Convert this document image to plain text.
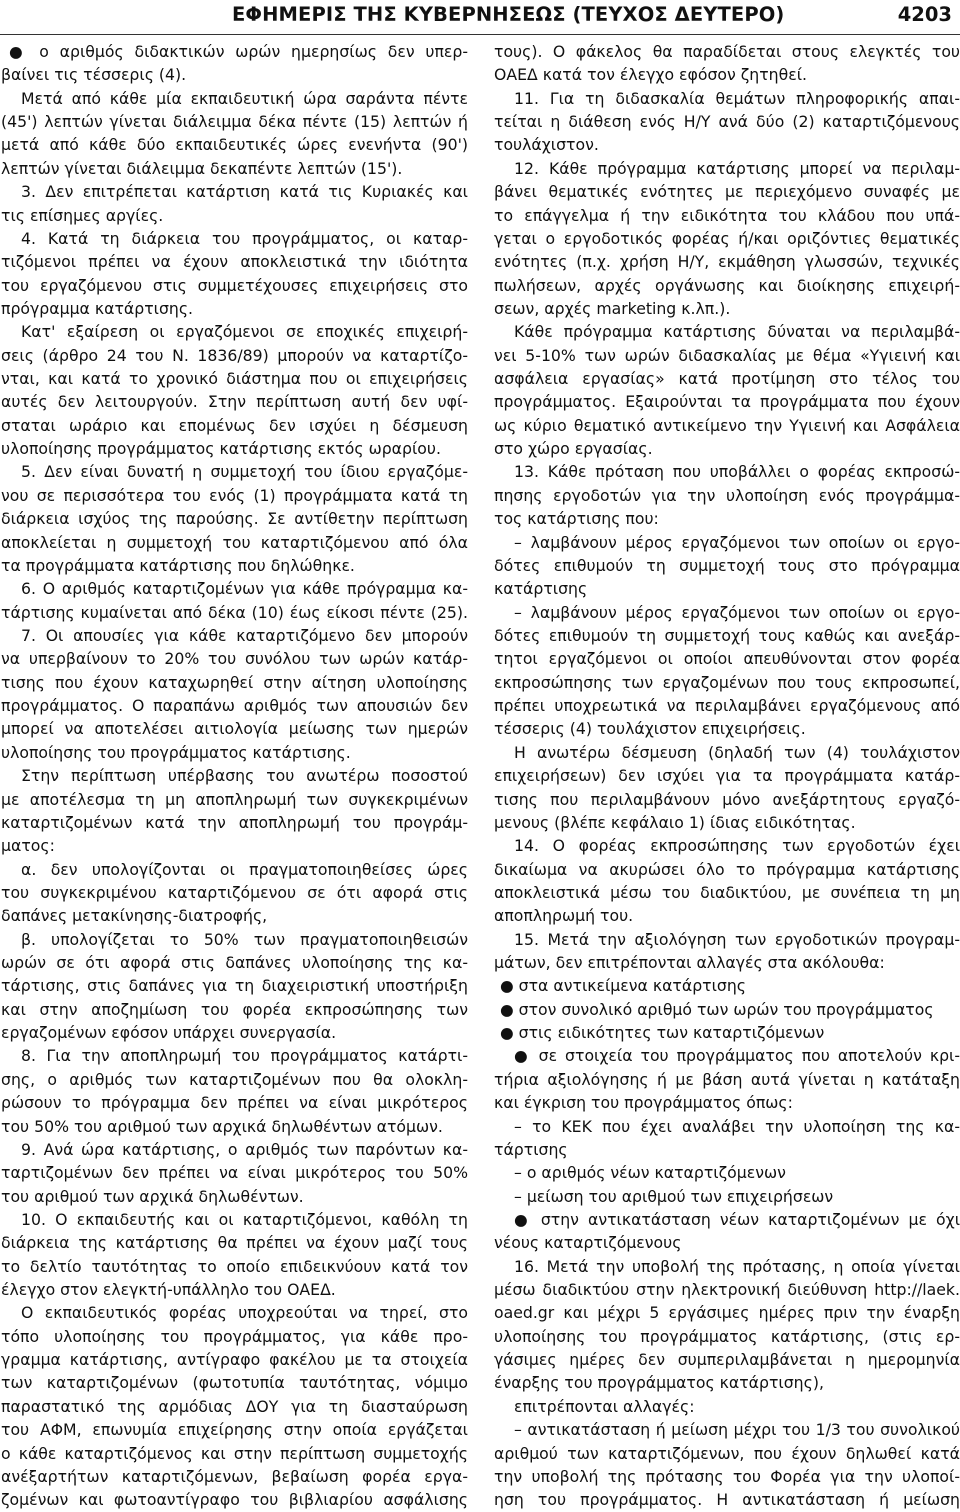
ΕΦΗΜΕΡΙΣ ΤΗΣ ΚΥΒΕΡΝΗΣΕΩΣ (ΤΕΥΧΟΣ ΔΕΥΤΕΡΟ)	4203
● ο αριθμός διδακτικών ωρών ημερησίως δεν υπερ-
βαίνει τις τέσσερις (4).
Μετά από κάθε μία εκπαιδευτική ώρα σαράντα πέντε
(45') λεπτών γίνεται διάλειμμα δέκα πέντε (15) λεπτών ή
μετά από κάθε δύο εκπαιδευτικές ώρες ενενήντα (90')
λεπτών γίνεται διάλειμμα δεκαπέντε λεπτών (15').
3. Δεν επιτρέπεται κατάρτιση κατά τις Κυριακές και
τις επίσημες αργίες.
4. Κατά τη διάρκεια του προγράμματος, οι καταρ-
τιζόμενοι πρέπει να έχουν αποκλειστικά την ιδιότητα
του εργαζόμενου στις συμμετέχουσες επιχειρήσεις στο
πρόγραμμα κατάρτισης.
Κατ' εξαίρεση οι εργαζόμενοι σε εποχικές επιχειρή-
σεις (άρθρο 24 του Ν. 1836/89) μπορούν να καταρτίζο-
νται, και κατά το χρονικό διάστημα που οι επιχειρήσεις
αυτές δεν λειτουργούν. Στην περίπτωση αυτή δεν υφί-
σταται ωράριο και επομένως δεν ισχύει η δέσμευση
υλοποίησης προγράμματος κατάρτισης εκτός ωραρίου.
5. Δεν είναι δυνατή η συμμετοχή του ίδιου εργαζόμε-
νου σε περισσότερα του ενός (1) προγράμματα κατά τη
διάρκεια ισχύος της παρούσης. Σε αντίθετην περίπτωση
αποκλείεται η συμμετοχή του καταρτιζόμενου από όλα
τα προγράμματα κατάρτισης που δηλώθηκε.
6. Ο αριθμός καταρτιζομένων για κάθε πρόγραμμα κα-
τάρτισης κυμαίνεται από δέκα (10) έως είκοσι πέντε (25).
7. Οι απουσίες για κάθε καταρτιζόμενο δεν μπορούν
να υπερβαίνουν το 20% του συνόλου των ωρών κατάρ-
τισης που έχουν καταχωρηθεί στην αίτηση υλοποίησης
προγράμματος. Ο παραπάνω αριθμός των απουσιών δεν
μπορεί να αποτελέσει αιτιολογία μείωσης των ημερών
υλοποίησης του προγράμματος κατάρτισης.
Στην περίπτωση υπέρβασης του ανωτέρω ποσοστού
με αποτέλεσμα τη μη αποπληρωμή των συγκεκριμένων
καταρτιζομένων κατά την αποπληρωμή του προγράμ-
ματος:
α. δεν υπολογίζονται οι πραγματοποιηθείσες ώρες
του συγκεκριμένου καταρτιζόμενου σε ότι αφορά στις
δαπάνες μετακίνησης-διατροφής,
β. υπολογίζεται το 50% των πραγματοποιηθεισών
ωρών σε ότι αφορά στις δαπάνες υλοποίησης της κα-
τάρτισης, στις δαπάνες για τη διαχειριστική υποστήριξη
και στην αποζημίωση του φορέα εκπροσώπησης των
εργαζομένων εφόσον υπάρχει συνεργασία.
8. Για την αποπληρωμή του προγράμματος κατάρτι-
σης, ο αριθμός των καταρτιζομένων που θα ολοκλη-
ρώσουν το πρόγραμμα δεν πρέπει να είναι μικρότερος
του 50% του αριθμού των αρχικά δηλωθέντων ατόμων.
9. Ανά ώρα κατάρτισης, ο αριθμός των παρόντων κα-
ταρτιζομένων δεν πρέπει να είναι μικρότερος του 50%
του αριθμού των αρχικά δηλωθέντων.
10. Ο εκπαιδευτής και οι καταρτιζόμενοι, καθόλη τη
διάρκεια της κατάρτισης θα πρέπει να έχουν μαζί τους
το δελτίο ταυτότητας το οποίο επιδεικνύουν κατά τον
έλεγχο στον ελεγκτή-υπάλληλο του ΟΑΕΔ.
Ο εκπαιδευτικός φορέας υποχρεούται να τηρεί, στο
τόπο υλοποίησης του προγράμματος, για κάθε προ-
γραμμα κατάρτισης, αντίγραφο φακέλου με τα στοιχεία
των καταρτιζομένων (φωτοτυπία ταυτότητας, νόμιμο
παραστατικό της αρμόδιας ΔΟΥ για τη διασταύρωση
του ΑΦΜ, επωνυμία επιχείρησης στην οποία εργάζεται
ο κάθε καταρτιζόμενος και στην περίπτωση συμμετοχής
ανέξαρτήτων καταρτιζόμενων, βεβαίωση φορέα εργα-
ζομένων και φωτοαντίγραφο του βιβλιαρίου ασφάλισης
τους). Ο φάκελος θα παραδίδεται στους ελεγκτές του
ΟΑΕΔ κατά τον έλεγχο εφόσον ζητηθεί.
11. Για τη διδασκαλία θεμάτων πληροφορικής απαι-
τείται η διάθεση ενός Η/Υ ανά δύο (2) καταρτιζόμενους
τουλάχιστον.
12. Κάθε πρόγραμμα κατάρτισης μπορεί να περιλαμ-
βάνει θεματικές ενότητες με περιεχόμενο συναφές με
το επάγγελμα ή την ειδικότητα του κλάδου που υπά-
γεται ο εργοδοτικός φορέας ή/και οριζόντιες θεματικές
ενότητες (π.χ. χρήση Η/Υ, εκμάθηση γλωσσών, τεχνικές
πωλήσεων, αρχές οργάνωσης και διοίκησης επιχειρή-
σεων, αρχές marketing κ.λπ.).
Κάθε πρόγραμμα κατάρτισης δύναται να περιλαμβά-
νει 5-10% των ωρών διδασκαλίας με θέμα «Υγιεινή και
ασφάλεια εργασίας» κατά προτίμηση στο τέλος του
προγράμματος. Εξαιρούνται τα προγράμματα που έχουν
ως κύριο θεματικό αντικείμενο την Υγιεινή και Ασφάλεια
στο χώρο εργασίας.
13. Κάθε πρόταση που υποβάλλει ο φορέας εκπροσώ-
πησης εργοδοτών για την υλοποίηση ενός προγράμμα-
τος κατάρτισης που:
– λαμβάνουν μέρος εργαζόμενοι των οποίων οι εργο-
δότες επιθυμούν τη συμμετοχή τους στο πρόγραμμα
κατάρτισης
– λαμβάνουν μέρος εργαζόμενοι των οποίων οι εργο-
δότες επιθυμούν τη συμμετοχή τους καθώς και ανεξάρ-
τητοι εργαζόμενοι οι οποίοι απευθύνονται στον φορέα
εκπροσώπησης των εργαζομένων που τους εκπροσωπεί,
πρέπει υποχρεωτικά να περιλαμβάνει εργαζόμενους από
τέσσερις (4) τουλάχιστον επιχειρήσεις.
Η ανωτέρω δέσμευση (δηλαδή των (4) τουλάχιστον
επιχειρήσεων) δεν ισχύει για τα προγράμματα κατάρ-
τισης που περιλαμβάνουν μόνο ανεξάρτητους εργαζό-
μενους (βλέπε κεφάλαιο 1) ίδιας ειδικότητας.
14. Ο φορέας εκπροσώπησης των εργοδοτών έχει
δικαίωμα να ακυρώσει όλο το πρόγραμμα κατάρτισης
αποκλειστικά μέσω του διαδικτύου, με συνέπεια τη μη
αποπληρωμή του.
15. Μετά την αξιολόγηση των εργοδοτικών προγραμ-
μάτων, δεν επιτρέπονται αλλαγές στα ακόλουθα:
● στα αντικείμενα κατάρτισης
● στον συνολικό αριθμό των ωρών του προγράμματος
● στις ειδικότητες των καταρτιζόμενων
● σε στοιχεία του προγράμματος που αποτελούν κρι-
τήρια αξιολόγησης ή με βάση αυτά γίνεται η κατάταξη
και έγκριση του προγράμματος όπως:
– το ΚΕΚ που έχει αναλάβει την υλοποίηση της κα-
τάρτισης
– ο αριθμός νέων καταρτιζόμενων
– μείωση του αριθμού των επιχειρήσεων
● στην αντικατάσταση νέων καταρτιζομένων με όχι
νέους καταρτιζόμενους
16. Μετά την υποβολή της πρότασης, η οποία γίνεται
μέσω διαδικτύου στην ηλεκτρονική διεύθυνση http://laek.
oaed.gr και μέχρι 5 εργάσιμες ημέρες πριν την έναρξη
υλοποίησης του προγράμματος κατάρτισης, (στις ερ-
γάσιμες ημέρες δεν συμπεριλαμβάνεται η ημερομηνία
έναρξης του προγράμματος κατάρτισης),
επιτρέπονται αλλαγές:
– αντικατάσταση ή μείωση μέχρι του 1/3 του συνολικού
αριθμού των καταρτιζόμενων, που έχουν δηλωθεί κατά
την υποβολή της πρότασης του Φορέα για την υλοποί-
ηση του προγράμματος. Η αντικατάσταση ή μείωση
